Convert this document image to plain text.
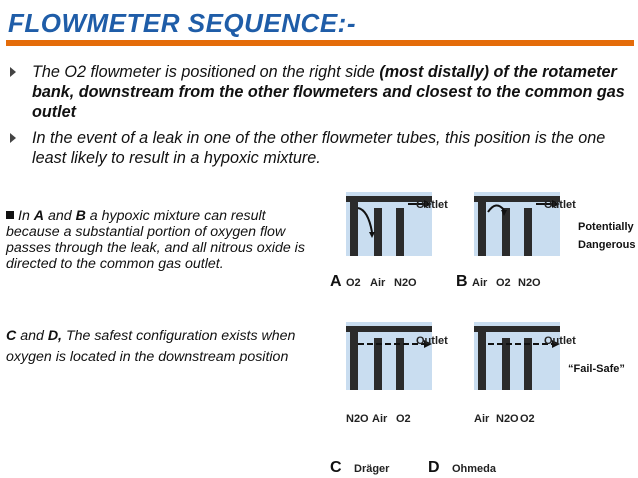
FLOWMETER SEQUENCE:-
The O2 flowmeter is positioned on the right side (most distally) of the rotameter bank, downstream from the other flowmeters and closest to the common gas outlet
In the event of a leak in one of the other flowmeter tubes, this position is the one least likely to result in a hypoxic mixture.
In A and B a hypoxic mixture can result because a substantial portion of oxygen flow passes through the leak, and all nitrous oxide is directed to the common gas outlet.
C and D, The safest configuration exists when oxygen is located in the downstream position
Outlet	Outlet
Potentially
Dangerous
A O2 Air N2O B Air O2 N2O
Outlet	Outlet
“Fail-Safe”
N2O Air O2	Air N2O O2
C Dräger D Ohmeda
